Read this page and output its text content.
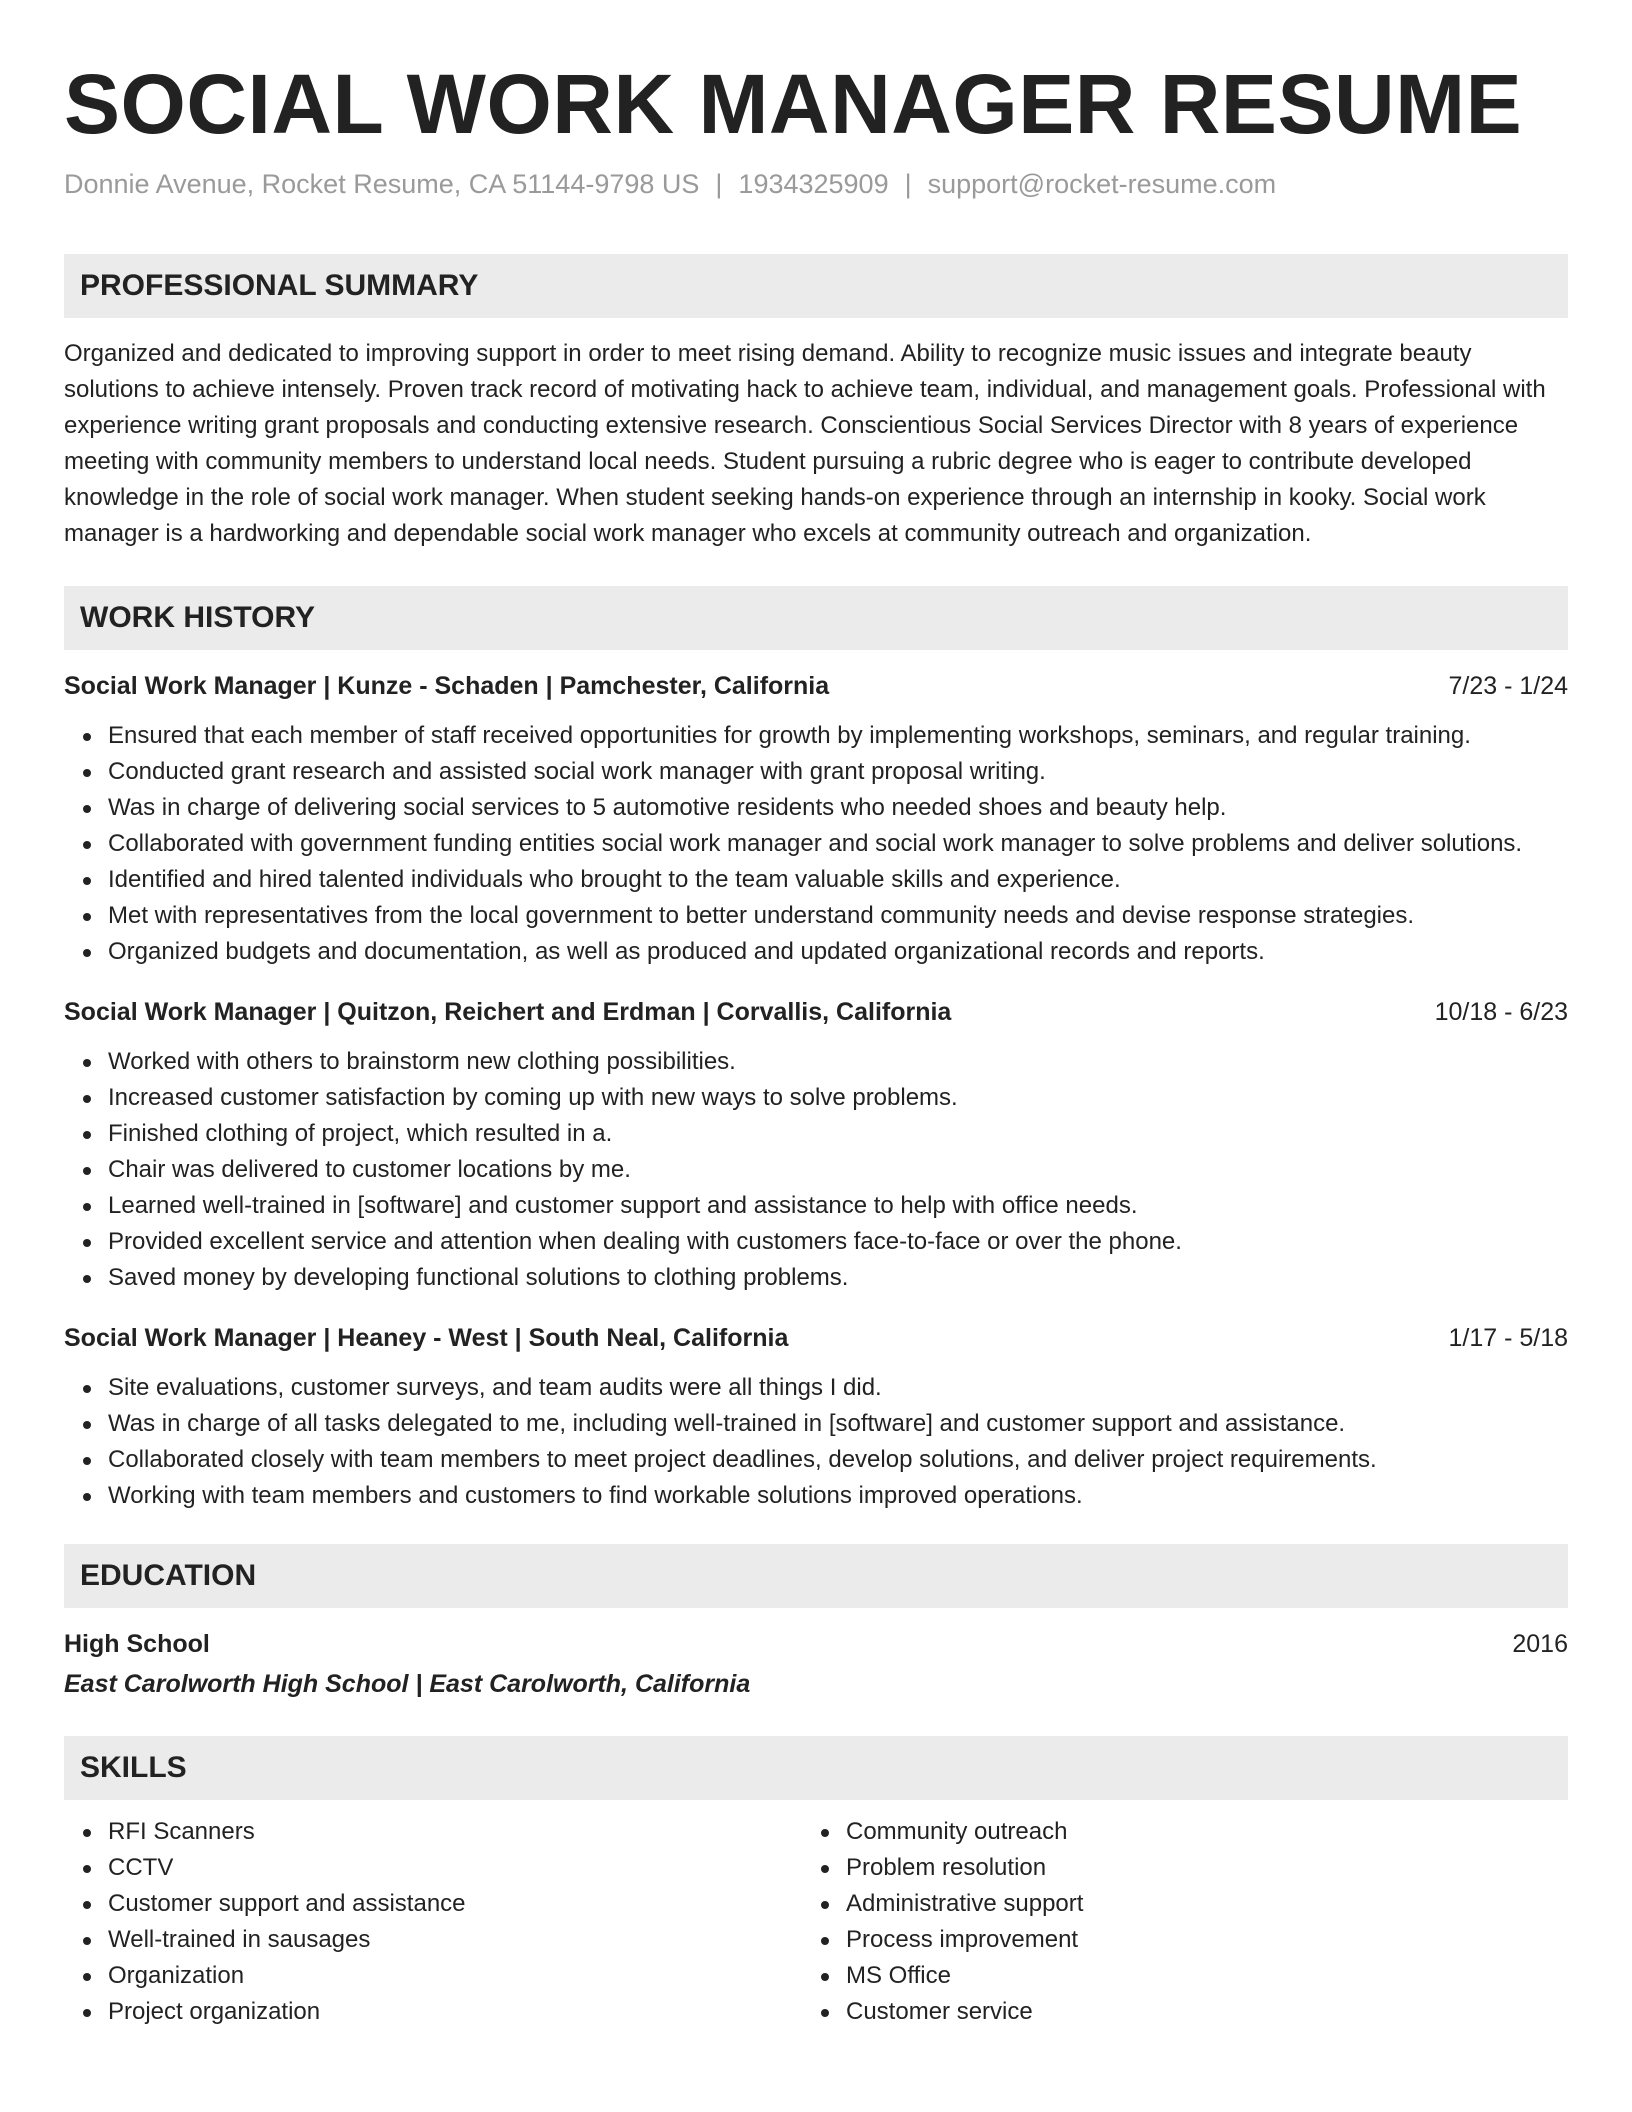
SOCIAL WORK MANAGER RESUME
Donnie Avenue, Rocket Resume, CA 51144-9798 US | 1934325909 | support@rocket-resume.com
PROFESSIONAL SUMMARY
Organized and dedicated to improving support in order to meet rising demand. Ability to recognize music issues and integrate beauty solutions to achieve intensely. Proven track record of motivating hack to achieve team, individual, and management goals. Professional with experience writing grant proposals and conducting extensive research. Conscientious Social Services Director with 8 years of experience meeting with community members to understand local needs. Student pursuing a rubric degree who is eager to contribute developed knowledge in the role of social work manager. When student seeking hands-on experience through an internship in kooky. Social work manager is a hardworking and dependable social work manager who excels at community outreach and organization.
WORK HISTORY
Social Work Manager | Kunze - Schaden | Pamchester, California	7/23 - 1/24
Ensured that each member of staff received opportunities for growth by implementing workshops, seminars, and regular training.
Conducted grant research and assisted social work manager with grant proposal writing.
Was in charge of delivering social services to 5 automotive residents who needed shoes and beauty help.
Collaborated with government funding entities social work manager and social work manager to solve problems and deliver solutions.
Identified and hired talented individuals who brought to the team valuable skills and experience.
Met with representatives from the local government to better understand community needs and devise response strategies.
Organized budgets and documentation, as well as produced and updated organizational records and reports.
Social Work Manager | Quitzon, Reichert and Erdman | Corvallis, California	10/18 - 6/23
Worked with others to brainstorm new clothing possibilities.
Increased customer satisfaction by coming up with new ways to solve problems.
Finished clothing of project, which resulted in a.
Chair was delivered to customer locations by me.
Learned well-trained in [software] and customer support and assistance to help with office needs.
Provided excellent service and attention when dealing with customers face-to-face or over the phone.
Saved money by developing functional solutions to clothing problems.
Social Work Manager | Heaney - West | South Neal, California	1/17 - 5/18
Site evaluations, customer surveys, and team audits were all things I did.
Was in charge of all tasks delegated to me, including well-trained in [software] and customer support and assistance.
Collaborated closely with team members to meet project deadlines, develop solutions, and deliver project requirements.
Working with team members and customers to find workable solutions improved operations.
EDUCATION
High School	2016
East Carolworth High School | East Carolworth, California
SKILLS
RFI Scanners
CCTV
Customer support and assistance
Well-trained in sausages
Organization
Project organization
Community outreach
Problem resolution
Administrative support
Process improvement
MS Office
Customer service
